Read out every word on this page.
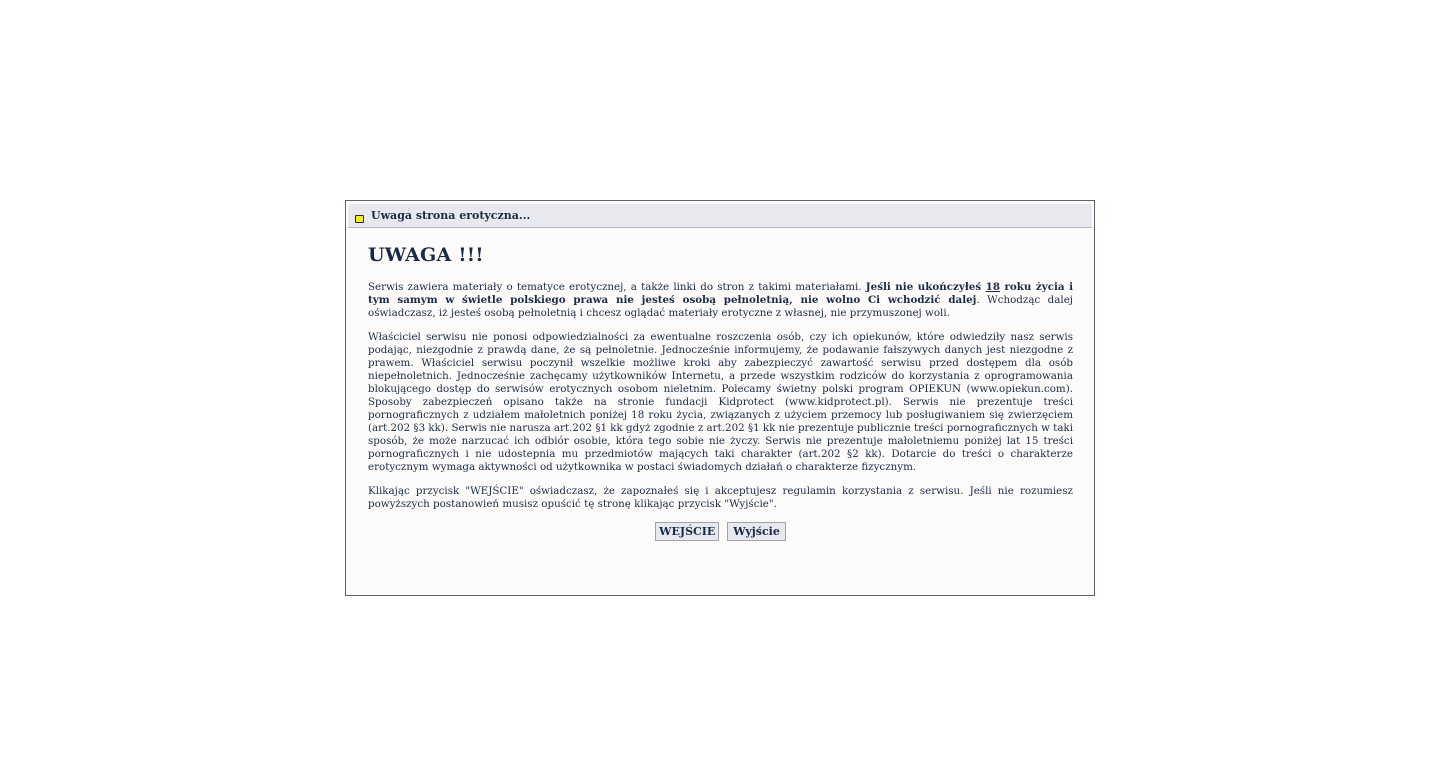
Uwaga strona erotyczna...
UWAGA !!!

Serwis zawiera materiały o tematyce erotycznej, a także linki do stron z takimi materiałami. Jeśli nie ukończyłeś 18 roku życia i tym samym w świetle polskiego prawa nie jesteś osobą pełnoletnią, nie wolno Ci wchodzić dalej. Wchodząc dalej oświadczasz, iż jesteś osobą pełnoletnią i chcesz oglądać materiały erotyczne z własnej, nie przymuszonej woli.

Właściciel serwisu nie ponosi odpowiedzialności za ewentualne roszczenia osób, czy ich opiekunów, które odwiedziły nasz serwis podając, niezgodnie z prawdą dane, że są pełnoletnie. Jednocześnie informujemy, że podawanie fałszywych danych jest niezgodne z prawem. Właściciel serwisu poczynił wszelkie możliwe kroki aby zabezpieczyć zawartość serwisu przed dostępem dla osób niepełnoletnich. Jednocześnie zachęcamy użytkowników Internetu, a przede wszystkim rodziców do korzystania z oprogramowania blokującego dostęp do serwisów erotycznych osobom nieletnim. Polecamy świetny polski program OPIEKUN (www.opiekun.com). Sposoby zabezpieczeń opisano także na stronie fundacji Kidprotect (www.kidprotect.pl). Serwis nie prezentuje treści pornograficznych z udziałem małoletnich poniżej 18 roku życia, związanych z użyciem przemocy lub posługiwaniem się zwierzęciem (art.202 §3 kk). Serwis nie narusza art.202 §1 kk gdyż zgodnie z art.202 §1 kk nie prezentuje publicznie treści pornograficznych w taki sposób, że może narzucać ich odbiór osobie, która tego sobie nie życzy. Serwis nie prezentuje małoletniemu poniżej lat 15 treści pornograficznych i nie udostepnia mu przedmiotów mających taki charakter (art.202 §2 kk). Dotarcie do treści o charakterze erotycznym wymaga aktywności od użytkownika w postaci świadomych działań o charakterze fizycznym.

Klikając przycisk "WEJŚCIE" oświadczasz, że zapoznałeś się i akceptujesz regulamin korzystania z serwisu. Jeśli nie rozumiesz powyższych postanowień musisz opuścić tę stronę klikając przycisk "Wyjście".

WEJŚCIE Wyjście
